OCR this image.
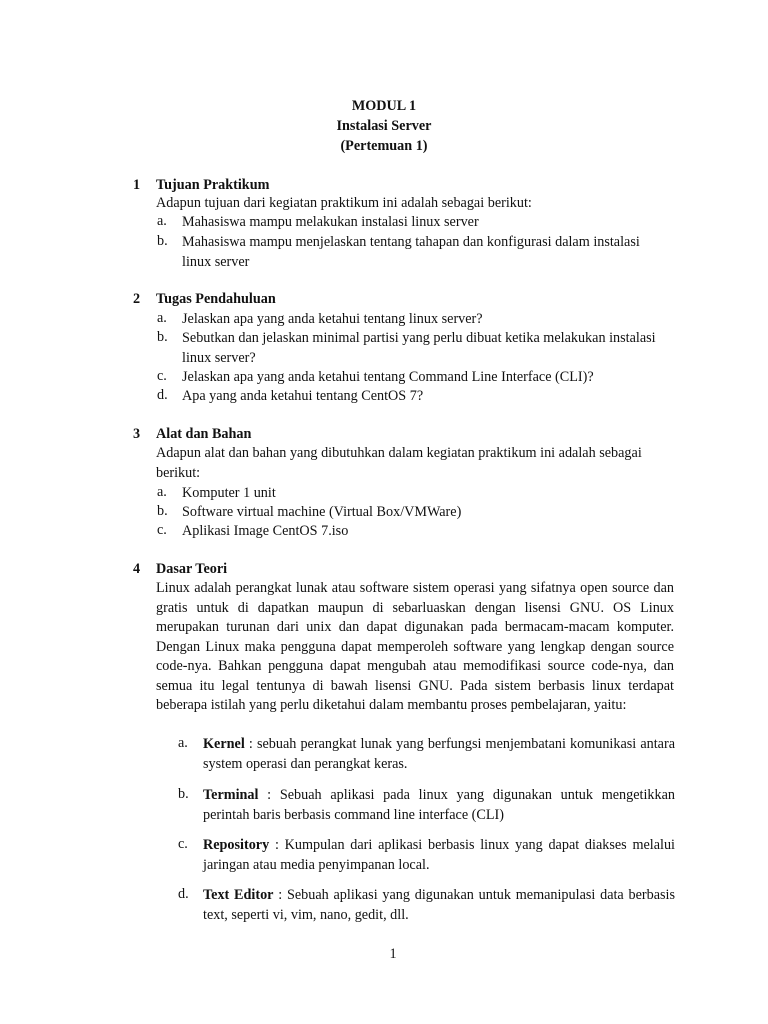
MODUL 1
Instalasi Server
(Pertemuan 1)
1 Tujuan Praktikum
Adapun tujuan dari kegiatan praktikum ini adalah sebagai berikut:
a. Mahasiswa mampu melakukan instalasi linux server
b. Mahasiswa mampu menjelaskan tentang tahapan dan konfigurasi dalam instalasi linux server
2 Tugas Pendahuluan
a. Jelaskan apa yang anda ketahui tentang linux server?
b. Sebutkan dan jelaskan minimal partisi yang perlu dibuat ketika melakukan instalasi linux server?
c. Jelaskan apa yang anda ketahui tentang Command Line Interface (CLI)?
d. Apa yang anda ketahui tentang CentOS 7?
3 Alat dan Bahan
Adapun alat dan bahan yang dibutuhkan dalam kegiatan praktikum ini adalah sebagai berikut:
a. Komputer 1 unit
b. Software virtual machine (Virtual Box/VMWare)
c. Aplikasi Image CentOS 7.iso
4 Dasar Teori
Linux adalah perangkat lunak atau software sistem operasi yang sifatnya open source dan gratis untuk di dapatkan maupun di sebarluaskan dengan lisensi GNU. OS Linux merupakan turunan dari unix dan dapat digunakan pada bermacam-macam komputer. Dengan Linux maka pengguna dapat memperoleh software yang lengkap dengan source code-nya. Bahkan pengguna dapat mengubah atau memodifikasi source code-nya, dan semua itu legal tentunya di bawah lisensi GNU. Pada sistem berbasis linux terdapat beberapa istilah yang perlu diketahui dalam membantu proses pembelajaran, yaitu:
a. Kernel : sebuah perangkat lunak yang berfungsi menjembatani komunikasi antara system operasi dan perangkat keras.
b. Terminal : Sebuah aplikasi pada linux yang digunakan untuk mengetikkan perintah baris berbasis command line interface (CLI)
c. Repository : Kumpulan dari aplikasi berbasis linux yang dapat diakses melalui jaringan atau media penyimpanan local.
d. Text Editor : Sebuah aplikasi yang digunakan untuk memanipulasi data berbasis text, seperti vi, vim, nano, gedit, dll.
1
